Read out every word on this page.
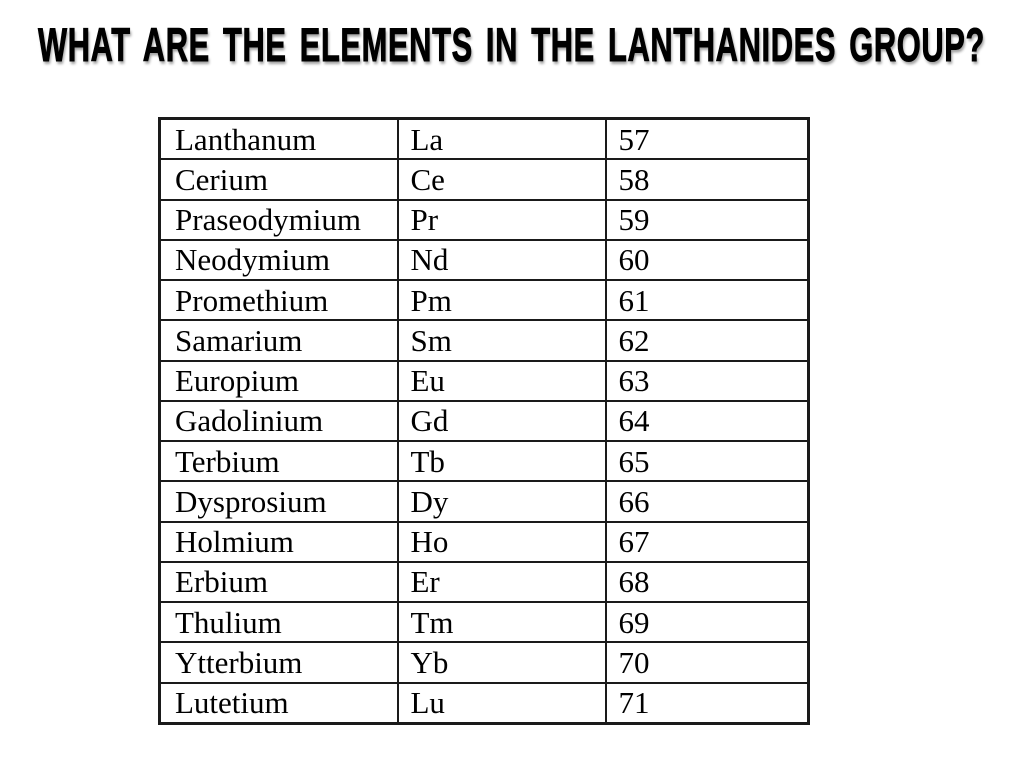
WHAT ARE THE ELEMENTS IN THE LANTHANIDES GROUP?
Lanthanum	La	57
Cerium	Ce	58
Praseodymium	Pr	59
Neodymium	Nd	60
Promethium	Pm	61
Samarium	Sm	62
Europium	Eu	63
Gadolinium	Gd	64
Terbium	Tb	65
Dysprosium	Dy	66
Holmium	Ho	67
Erbium	Er	68
Thulium	Tm	69
Ytterbium	Yb	70
Lutetium	Lu	71
